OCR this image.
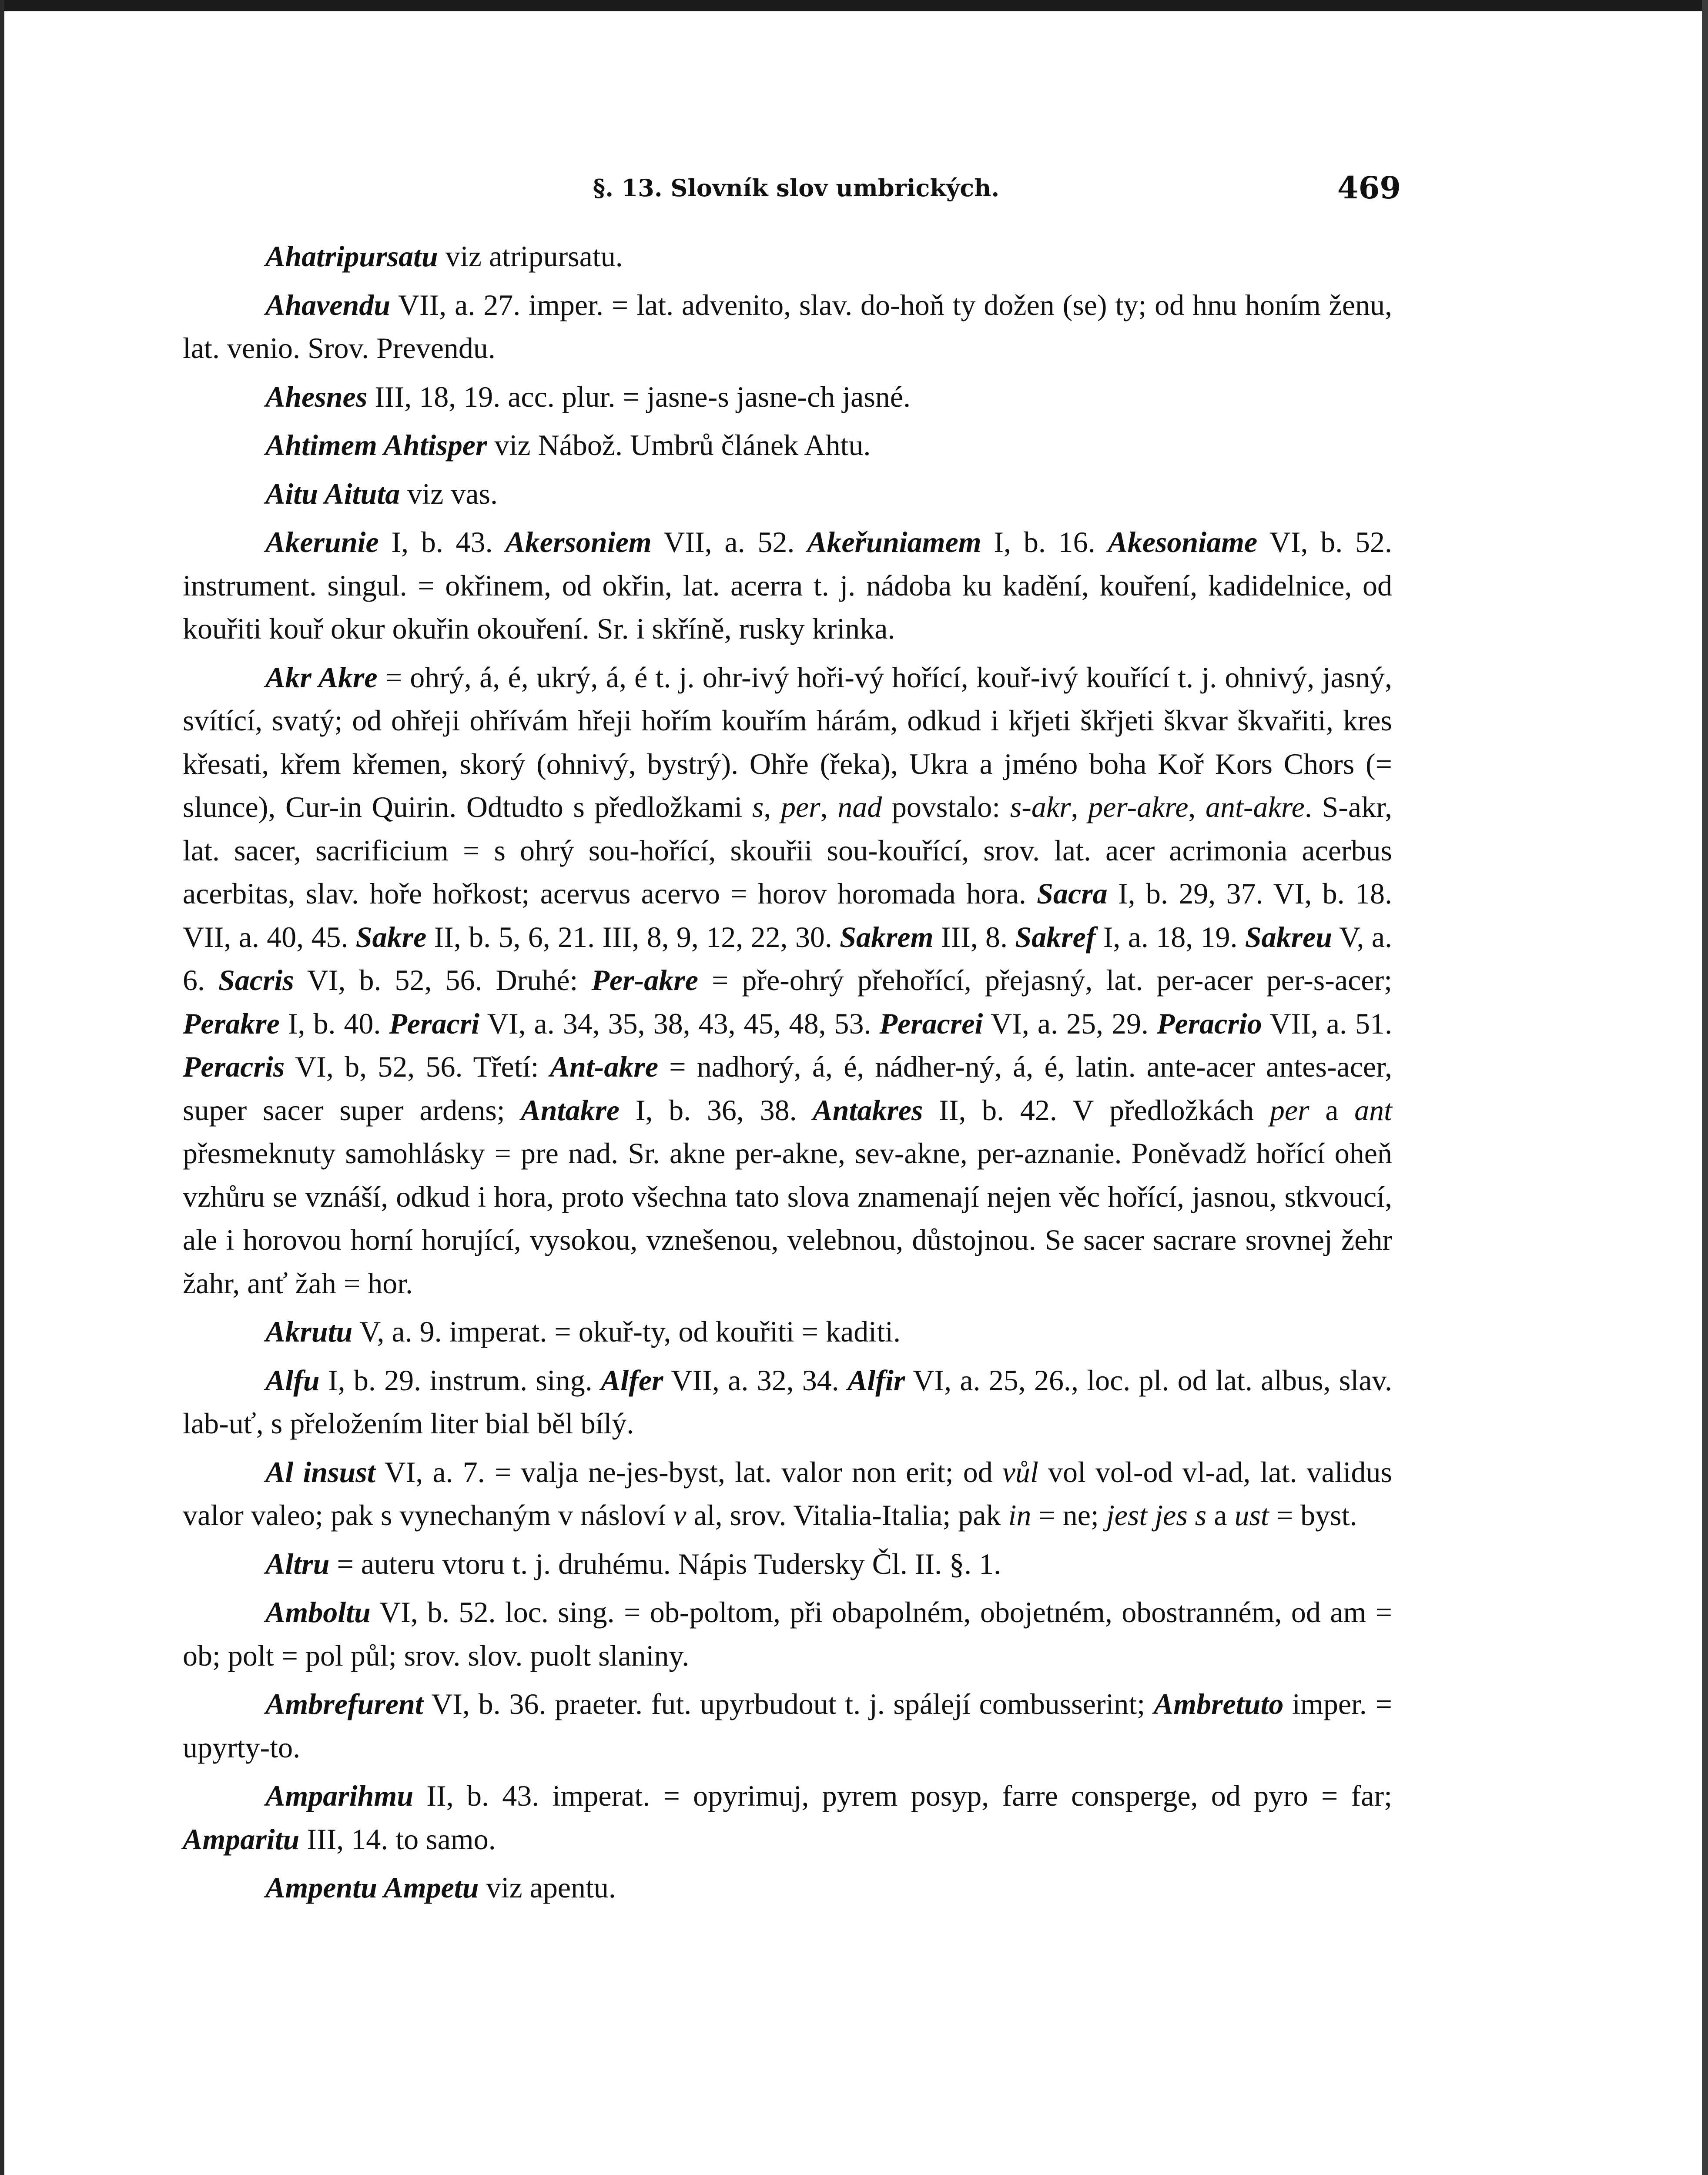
§. 13. Slovník slov umbrických.	469

Ahatripursatu viz atripursatu.

Ahavendu VII, a. 27. imper. = lat. advenito, slav. do-hoň ty dožen (se) ty; od hnu honím ženu, lat. venio. Srov. Prevendu.

Ahesnes III, 18, 19. acc. plur. = jasne-s jasne-ch jasné.

Ahtimem Ahtisper viz Nábož. Umbrů článek Ahtu.

Aitu Aituta viz vas.

Akerunie I, b. 43. Akersoniem VII, a. 52. Akeřuniamem I, b. 16. Akesoniame VI, b. 52. instrument. singul. = okřinem, od okřin, lat. acerra t. j. nádoba ku kadění, kouření, kadidelnice, od kouřiti kouř okur okuřin okouření. Sr. i skříně, rusky krinka.

Akr Akre = ohrý, á, é, ukrý, á, é t. j. ohr-ivý hoři-vý hořící, kouř-ivý kouřící t. j. ohnivý, jasný, svítící, svatý; od ohřeji ohřívám hřeji hořím kouřím hárám, odkud i křjeti škřjeti škvar škvařiti, kres křesati, křem křemen, skorý (ohnivý, bystrý). Ohře (řeka), Ukra a jméno boha Koř Kors Chors (= slunce), Cur-in Quirin. Odtudto s předložkami s, per, nad povstalo: s-akr, per-akre, ant-akre. S-akr, lat. sacer, sacrificium = s ohrý sou-hořící, skouřii sou-kouřící, srov. lat. acer acrimonia acerbus acerbitas, slav. hoře hořkost; acervus acervo = horov horomada hora. Sacra I, b. 29, 37. VI, b. 18. VII, a. 40, 45. Sakre II, b. 5, 6, 21. III, 8, 9, 12, 22, 30. Sakrem III, 8. Sakref I, a. 18, 19. Sakreu V, a. 6. Sacris VI, b. 52, 56. Druhé: Per-akre = pře-ohrý přehořící, přejasný, lat. per-acer per-s-acer; Perakre I, b. 40. Peracri VI, a. 34, 35, 38, 43, 45, 48, 53. Peracrei VI, a. 25, 29. Peracrio VII, a. 51. Peracris VI, b, 52, 56. Třetí: Ant-akre = nadhorý, á, é, nádher-ný, á, é, latin. ante-acer antes-acer, super sacer super ardens; Antakre I, b. 36, 38. Antakres II, b. 42. V předložkách per a ant přesmeknuty samohlásky = pre nad. Sr. akne per-akne, sev-akne, per-aznanie. Poněvadž hořící oheň vzhůru se vznáší, odkud i hora, proto všechna tato slova znamenají nejen věc hořící, jasnou, stkvoucí, ale i horovou horní horující, vysokou, vznešenou, velebnou, důstojnou. Se sacer sacrare srovnej žehr žahr, anť žah = hor.

Akrutu V, a. 9. imperat. = okuř-ty, od kouřiti = kaditi.

Alfu I, b. 29. instrum. sing. Alfer VII, a. 32, 34. Alfir VI, a. 25, 26., loc. pl. od lat. albus, slav. lab-uť, s přeložením liter bial běl bílý.

Al insust VI, a. 7. = valja ne-jes-byst, lat. valor non erit; od vůl vol vol-od vl-ad, lat. validus valor valeo; pak s vynechaným v násloví v al, srov. Vitalia-Italia; pak in = ne; jest jes s a ust = byst.

Altru = auteru vtoru t. j. druhému. Nápis Tudersky Čl. II. §. 1.

Amboltu VI, b. 52. loc. sing. = ob-poltom, při obapolném, obojetném, obostranném, od am = ob; polt = pol půl; srov. slov. puolt slaniny.

Ambrefurent VI, b. 36. praeter. fut. upyrbudout t. j. spálejí combusserint; Ambretuto imper. = upyrty-to.

Amparihmu II, b. 43. imperat. = opyrimuj, pyrem posyp, farre consperge, od pyro = far; Amparitu III, 14. to samo.

Ampentu Ampetu viz apentu.
